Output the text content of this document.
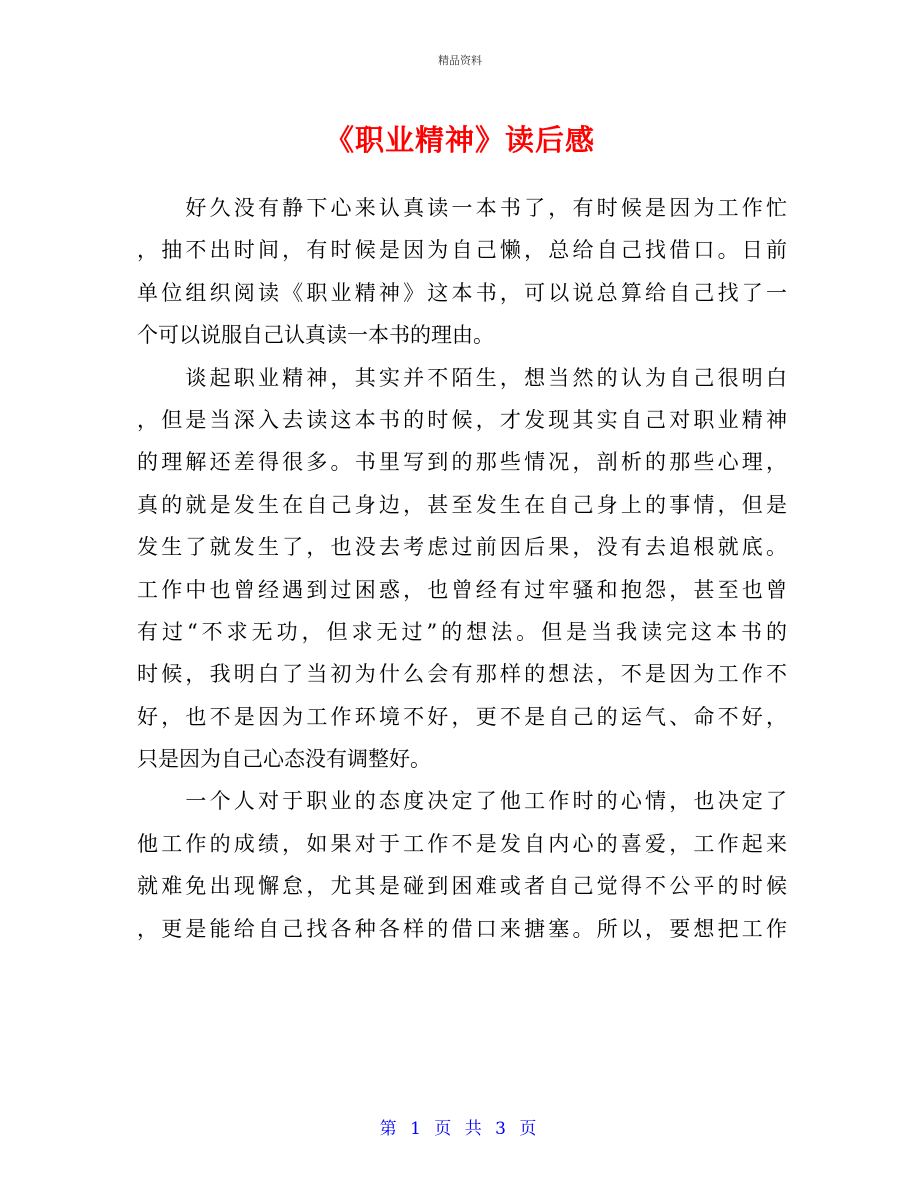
精品资料
《职业精神》读后感
　　好久没有静下心来认真读一本书了，有时候是因为工作忙
，抽不出时间，有时候是因为自己懒，总给自己找借口。日前
单位组织阅读《职业精神》这本书，可以说总算给自己找了一
个可以说服自己认真读一本书的理由。
　　谈起职业精神，其实并不陌生，想当然的认为自己很明白
，但是当深入去读这本书的时候，才发现其实自己对职业精神
的理解还差得很多。书里写到的那些情况，剖析的那些心理，
真的就是发生在自己身边，甚至发生在自己身上的事情，但是
发生了就发生了，也没去考虑过前因后果，没有去追根就底。
工作中也曾经遇到过困惑，也曾经有过牢骚和抱怨，甚至也曾
有过“不求无功，但求无过”的想法。但是当我读完这本书的
时候，我明白了当初为什么会有那样的想法，不是因为工作不
好，也不是因为工作环境不好，更不是自己的运气、命不好，
只是因为自己心态没有调整好。
　　一个人对于职业的态度决定了他工作时的心情，也决定了
他工作的成绩，如果对于工作不是发自内心的喜爱，工作起来
就难免出现懈怠，尤其是碰到困难或者自己觉得不公平的时候
，更是能给自己找各种各样的借口来搪塞。所以，要想把工作
第 1 页 共 3 页
